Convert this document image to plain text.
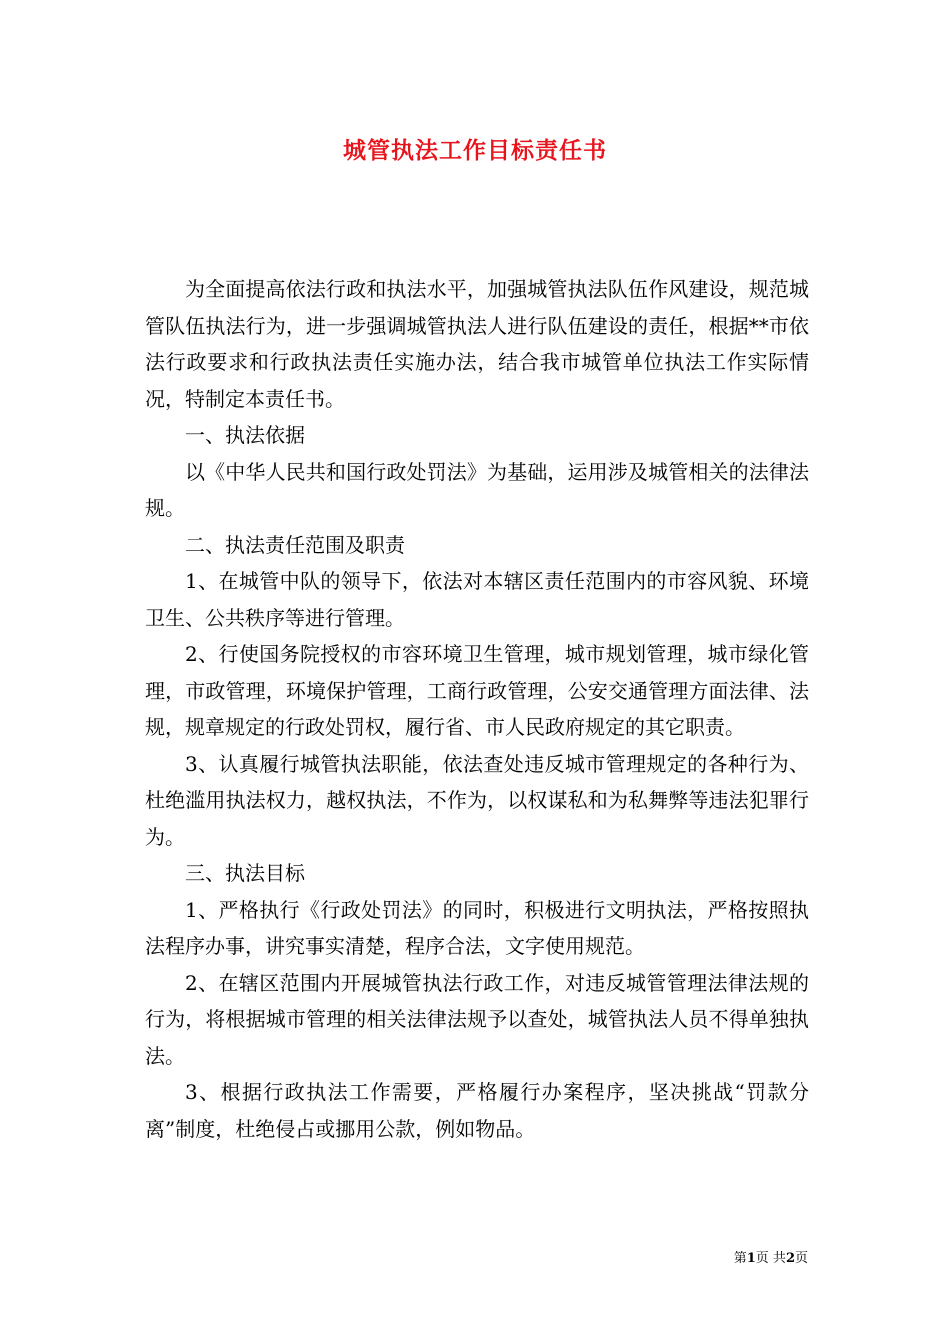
城管执法工作目标责任书

为全面提高依法行政和执法水平，加强城管执法队伍作风建设，规范城管队伍执法行为，进一步强调城管执法人进行队伍建设的责任，根据**市依法行政要求和行政执法责任实施办法，结合我市城管单位执法工作实际情况，特制定本责任书。

一、执法依据

以《中华人民共和国行政处罚法》为基础，运用涉及城管相关的法律法规。

二、执法责任范围及职责

1、在城管中队的领导下，依法对本辖区责任范围内的市容风貌、环境卫生、公共秩序等进行管理。

2、行使国务院授权的市容环境卫生管理，城市规划管理，城市绿化管理，市政管理，环境保护管理，工商行政管理，公安交通管理方面法律、法规，规章规定的行政处罚权，履行省、市人民政府规定的其它职责。

3、认真履行城管执法职能，依法查处违反城市管理规定的各种行为、杜绝滥用执法权力，越权执法，不作为，以权谋私和为私舞弊等违法犯罪行为。

三、执法目标

1、严格执行《行政处罚法》的同时，积极进行文明执法，严格按照执法程序办事，讲究事实清楚，程序合法，文字使用规范。

2、在辖区范围内开展城管执法行政工作，对违反城管管理法律法规的行为，将根据城市管理的相关法律法规予以查处，城管执法人员不得单独执法。

3、根据行政执法工作需要，严格履行办案程序，坚决挑战“罚款分离”制度，杜绝侵占或挪用公款，例如物品。

第1页 共2页
